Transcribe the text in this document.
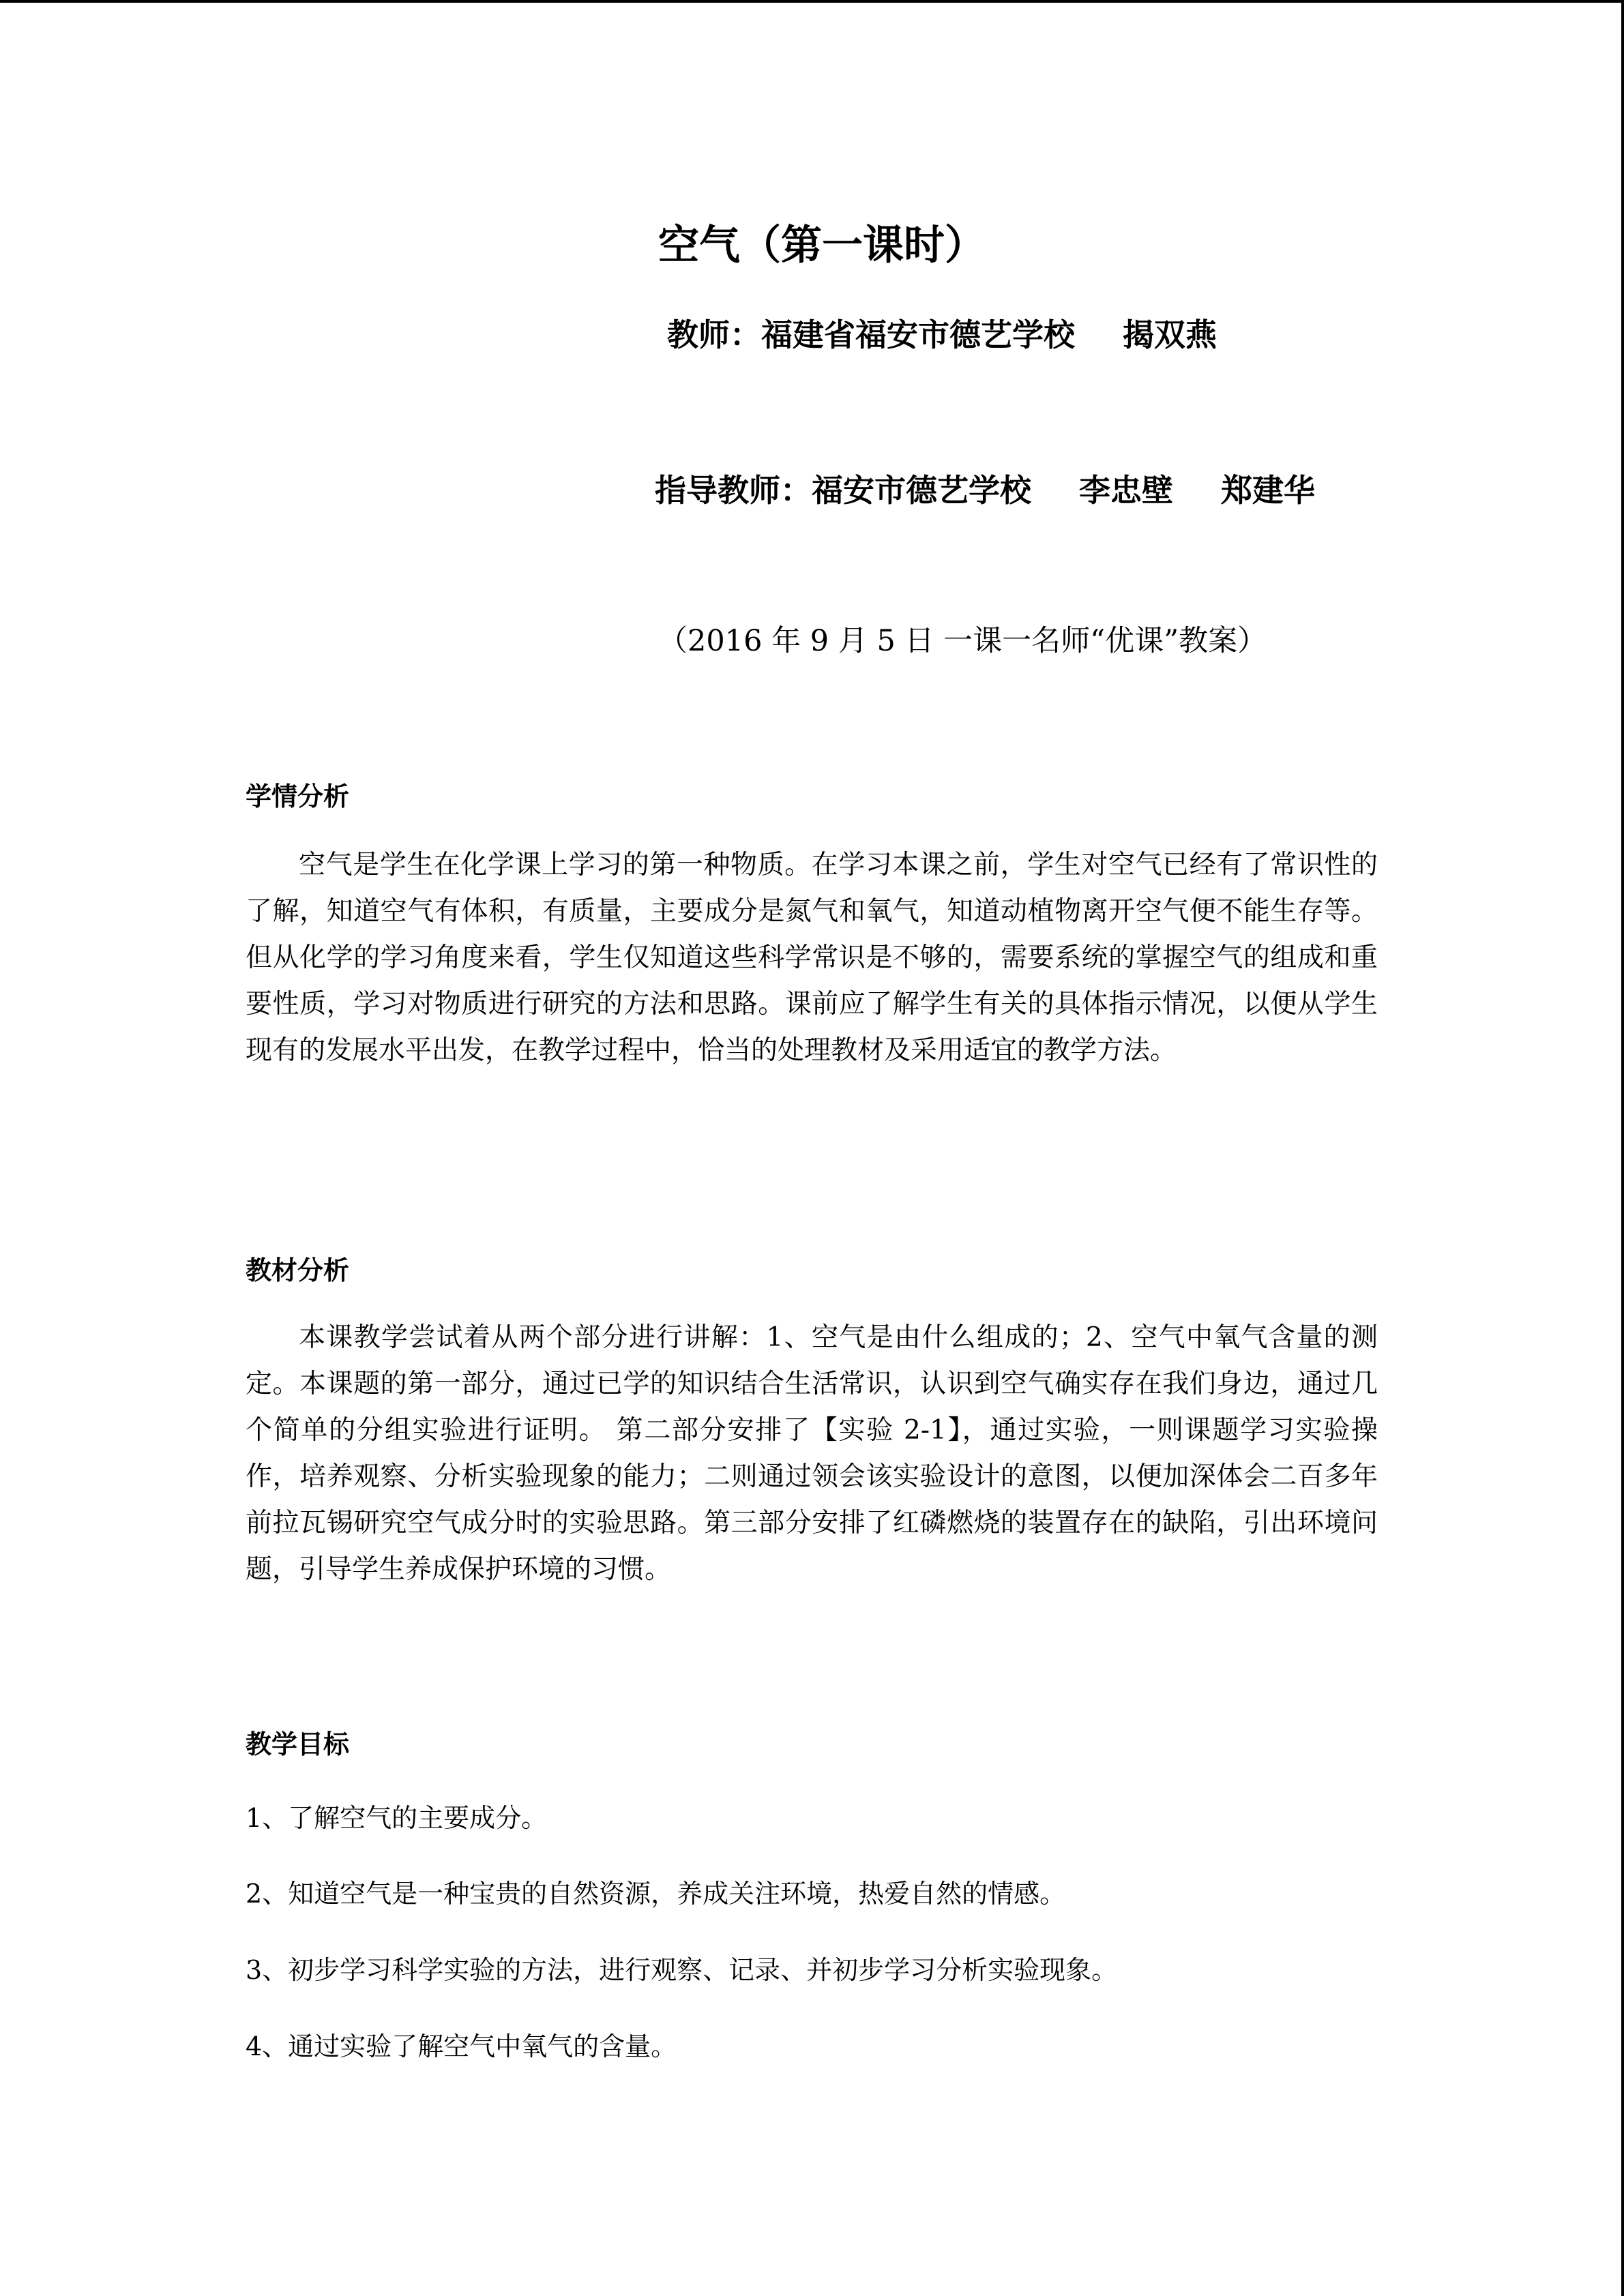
空气（第一课时）
教师：福建省福安市德艺学校 揭双燕
指导教师：福安市德艺学校 李忠壁 郑建华
（2016 年 9 月 5 日 一课一名师“优课”教案）
学情分析
空气是学生在化学课上学习的第一种物质。在学习本课之前，学生对空气已经有了常识性的了解，知道空气有体积，有质量，主要成分是氮气和氧气，知道动植物离开空气便不能生存等。但从化学的学习角度来看，学生仅知道这些科学常识是不够的，需要系统的掌握空气的组成和重要性质，学习对物质进行研究的方法和思路。课前应了解学生有关的具体指示情况，以便从学生现有的发展水平出发，在教学过程中，恰当的处理教材及采用适宜的教学方法。
教材分析
本课教学尝试着从两个部分进行讲解：1、空气是由什么组成的；2、空气中氧气含量的测定。本课题的第一部分，通过已学的知识结合生活常识，认识到空气确实存在我们身边，通过几个简单的分组实验进行证明。 第二部分安排了【实验 2-1】，通过实验，一则课题学习实验操作，培养观察、分析实验现象的能力；二则通过领会该实验设计的意图，以便加深体会二百多年前拉瓦锡研究空气成分时的实验思路。第三部分安排了红磷燃烧的装置存在的缺陷，引出环境问题，引导学生养成保护环境的习惯。
教学目标
1、了解空气的主要成分。
2、知道空气是一种宝贵的自然资源，养成关注环境，热爱自然的情感。
3、初步学习科学实验的方法，进行观察、记录、并初步学习分析实验现象。
4、通过实验了解空气中氧气的含量。
